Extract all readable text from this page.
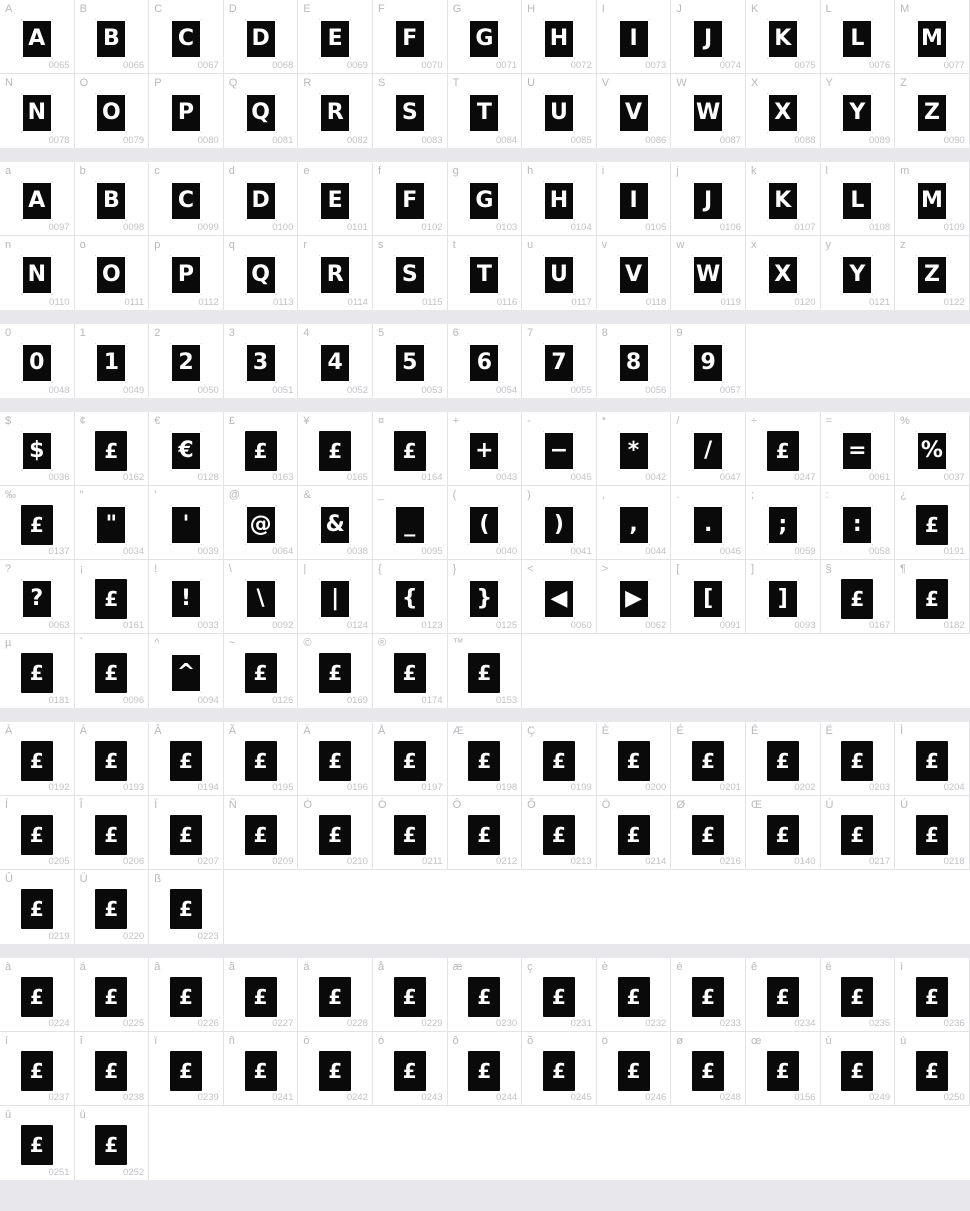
A
A
0065
B
B
0066
C
C
0067
D
D
0068
E
E
0069
F
F
0070
G
G
0071
H
H
0072
I
I
0073
J
J
0074
K
K
0075
L
L
0076
M
M
0077
N
N
0078
O
O
0079
P
P
0080
Q
Q
0081
R
R
0082
S
S
0083
T
T
0084
U
U
0085
V
V
0086
W
W
0087
X
X
0088
Y
Y
0089
Z
Z
0090
a
A
0097
b
B
0098
c
C
0099
d
D
0100
e
E
0101
f
F
0102
g
G
0103
h
H
0104
i
I
0105
j
J
0106
k
K
0107
l
L
0108
m
M
0109
n
N
0110
o
O
0111
p
P
0112
q
Q
0113
r
R
0114
s
S
0115
t
T
0116
u
U
0117
v
V
0118
w
W
0119
x
X
0120
y
Y
0121
z
Z
0122
0
0
0048
1
1
0049
2
2
0050
3
3
0051
4
4
0052
5
5
0053
6
6
0054
7
7
0055
8
8
0056
9
9
0057
$
$
0036
¢
£
0162
€
€
0128
£
£
0163
¥
£
0165
¤
£
0164
+
+
0043
-
−
0045
*
*
0042
/
/
0047
÷
£
0247
=
=
0061
%
%
0037
‰
£
0137
"
"
0034
'
'
0039
@
@
0064
&
&
0038
_
_
0095
(
(
0040
)
)
0041
,
,
0044
.
.
0046
;
;
0059
:
:
0058
¿
£
0191
?
?
0063
¡
£
0161
!
!
0033
\
\
0092
|
|
0124
{
{
0123
}
}
0125
<
◀
0060
>
▶
0062
[
[
0091
]
]
0093
§
£
0167
¶
£
0182
µ
£
0181
`
£
0096
^
^
0094
~
£
0126
©
£
0169
®
£
0174
™
£
0153
À
£
0192
Á
£
0193
Â
£
0194
Ã
£
0195
Ä
£
0196
Å
£
0197
Æ
£
0198
Ç
£
0199
È
£
0200
É
£
0201
Ê
£
0202
Ë
£
0203
Ì
£
0204
Í
£
0205
Î
£
0206
Ï
£
0207
Ñ
£
0209
Ò
£
0210
Ó
£
0211
Ô
£
0212
Õ
£
0213
Ö
£
0214
Ø
£
0216
Œ
£
0140
Ù
£
0217
Ú
£
0218
Û
£
0219
Ü
£
0220
ß
£
0223
à
£
0224
á
£
0225
â
£
0226
ã
£
0227
ä
£
0228
å
£
0229
æ
£
0230
ç
£
0231
è
£
0232
é
£
0233
ê
£
0234
ë
£
0235
ì
£
0236
í
£
0237
î
£
0238
ï
£
0239
ñ
£
0241
ò
£
0242
ó
£
0243
ô
£
0244
õ
£
0245
ö
£
0246
ø
£
0248
œ
£
0156
ù
£
0249
ú
£
0250
û
£
0251
ü
£
0252
